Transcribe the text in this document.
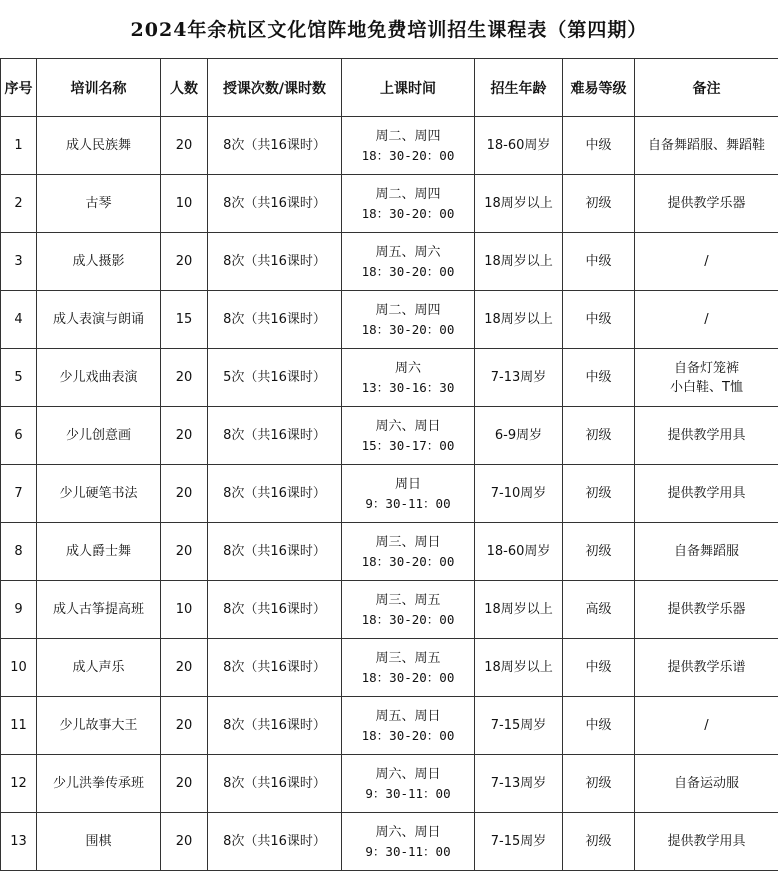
2024年余杭区文化馆阵地免费培训招生课程表（第四期）
序号	培训名称	人数	授课次数/课时数	上课时间	招生年龄	难易等级	备注
1	成人民族舞	20	8次（共16课时）	周二、周四
18：30-20：00	18-60周岁	中级	自备舞蹈服、舞蹈鞋

2	古琴	10	8次（共16课时）	周二、周四
18：30-20：00	18周岁以上	初级	提供教学乐器

3	成人摄影	20	8次（共16课时）	周五、周六
18：30-20：00	18周岁以上	中级	/

4	成人表演与朗诵	15	8次（共16课时）	周二、周四
18：30-20：00	18周岁以上	中级	/

5	少儿戏曲表演	20	5次（共16课时）	周六
13：30-16：30	7-13周岁	中级	自备灯笼裤
小白鞋、T恤

6	少儿创意画	20	8次（共16课时）	周六、周日
15：30-17：00	6-9周岁	初级	提供教学用具

7	少儿硬笔书法	20	8次（共16课时）	周日
9：30-11：00	7-10周岁	初级	提供教学用具

8	成人爵士舞	20	8次（共16课时）	周三、周日
18：30-20：00	18-60周岁	初级	自备舞蹈服

9	成人古筝提高班	10	8次（共16课时）	周三、周五
18：30-20：00	18周岁以上	高级	提供教学乐器

10	成人声乐	20	8次（共16课时）	周三、周五
18：30-20：00	18周岁以上	中级	提供教学乐谱

11	少儿故事大王	20	8次（共16课时）	周五、周日
18：30-20：00	7-15周岁	中级	/

12	少儿洪拳传承班	20	8次（共16课时）	周六、周日
9：30-11：00	7-13周岁	初级	自备运动服

13	围棋	20	8次（共16课时）	周六、周日
9：30-11：00	7-15周岁	初级	提供教学用具
